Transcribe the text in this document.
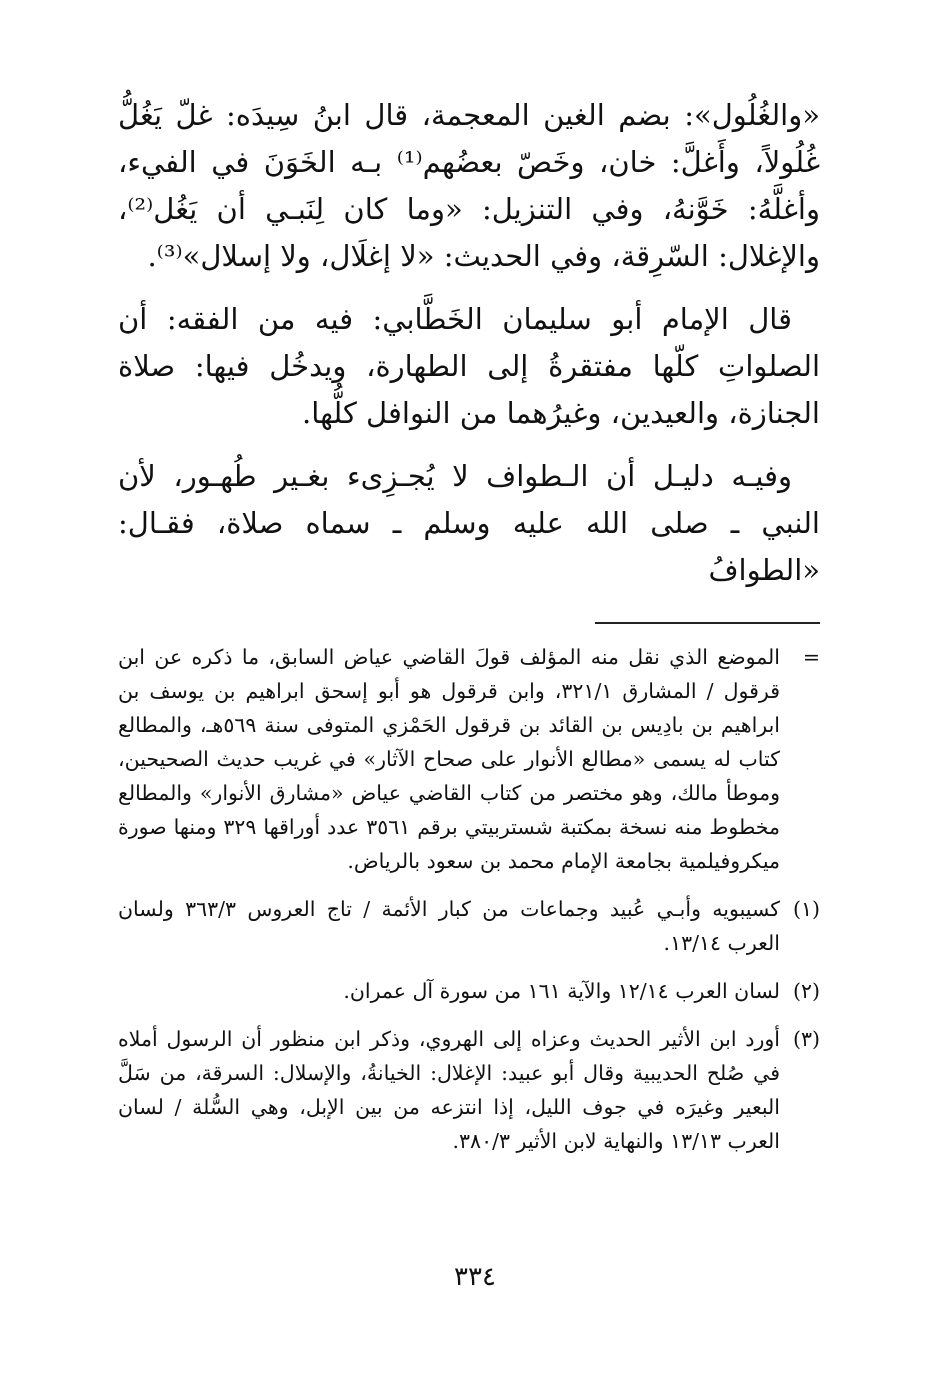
«والغُلُول»: بضم الغين المعجمة، قال ابنُ سِيدَه: غلّ يَغُلُّ غُلُولاً، وأَغلَّ: خان، وخَصّ بعضُهم⁽¹⁾ بـه الخَوَنَ في الفيء، وأغلَّهُ: خَوَّنهُ، وفي التنزيل: «وما كان لِنَبـي أن يَغُل⁽²⁾، والإغلال: السّرِقة، وفي الحديث: «لا إغلَال، ولا إسلال»⁽³⁾.

قال الإمام أبو سليمان الخَطَّابي: فيه من الفقه: أن الصلواتِ كلّها مفتقرةُ إلى الطهارة، ويدخُل فيها: صلاة الجنازة، والعيدين، وغيرُهما من النوافل كلُّها.

وفيـه دليـل أن الـطواف لا يُجـزِىء بغـير طُهـور، لأن النبي ـ صلى الله عليه وسلم ـ سماه صلاة، فقـال: «الطوافُ

=
الموضع الذي نقل منه المؤلف قولَ القاضي عياض السابق، ما ذكره عن ابن قرقول / المشارق ٣٢١/١، وابن قرقول هو أبو إسحق ابراهيم بن يوسف بن ابراهيم بن بادِيس بن القائد بن قرقول الحَمْزي المتوفى سنة ٥٦٩هـ، والمطالع كتاب له يسمى «مطالع الأنوار على صحاح الآثار» في غريب حديث الصحيحين، وموطأ مالك، وهو مختصر من كتاب القاضي عياض «مشارق الأنوار» والمطالع مخطوط منه نسخة بمكتبة شستربيتي برقم ٣٥٦١ عدد أوراقها ٣٢٩ ومنها صورة ميكروفيلمية بجامعة الإمام محمد بن سعود بالرياض.
(١)
كسيبويه وأبـي عُبيد وجماعات من كبار الأئمة / تاج العروس ٣٦٣/٣ ولسان العرب ١٣/١٤.
(٢)
لسان العرب ١٢/١٤ والآية ١٦١ من سورة آل عمران.
(٣)
أورد ابن الأثير الحديث وعزاه إلى الهروي، وذكر ابن منظور أن الرسول أملاه في صُلح الحديبية وقال أبو عبيد: الإغلال: الخيانةُ، والإسلال: السرقة، من سَلَّ البعير وغيرَه في جوف الليل، إذا انتزعه من بين الإبل، وهي السُّلة / لسان العرب ١٣/١٣ والنهاية لابن الأثير ٣٨٠/٣.
٣٣٤
